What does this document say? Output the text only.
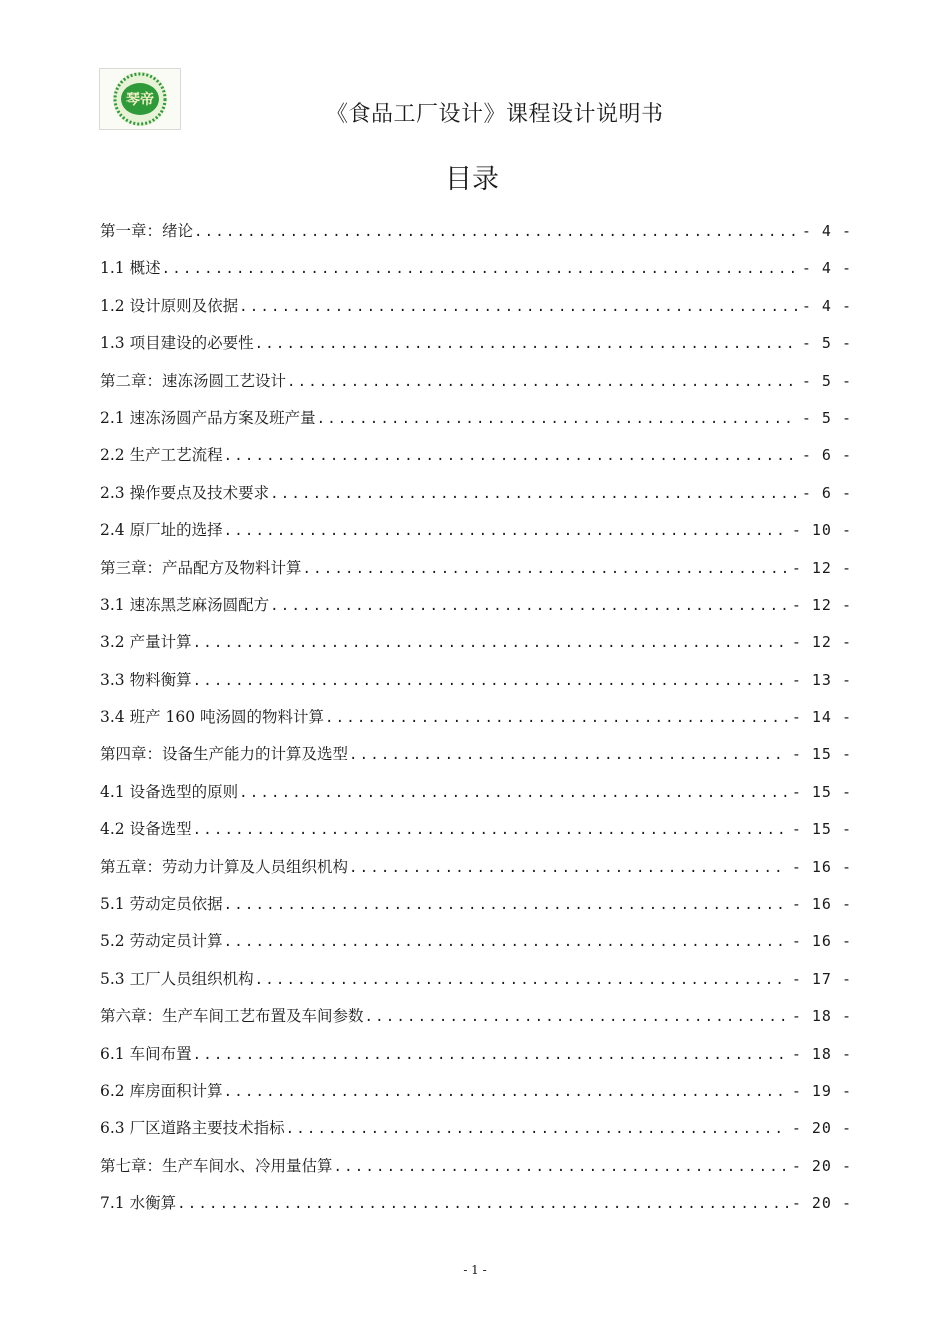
琴帝
《食品工厂设计》课程设计说明书
目录
第一章：绪论 .....	- 4 -
1.1 概述 .....	- 4 -
1.2 设计原则及依据 .....	- 4 -
1.3 项目建设的必要性 .....	- 5 -
第二章：速冻汤圆工艺设计 .....	- 5 -
2.1 速冻汤圆产品方案及班产量 .....	- 5 -
2.2 生产工艺流程 .....	- 6 -
2.3 操作要点及技术要求 .....	- 6 -
2.4 原厂址的选择 .....	- 10 -
第三章：产品配方及物料计算 .....	- 12 -
3.1 速冻黑芝麻汤圆配方 .....	- 12 -
3.2 产量计算 .....	- 12 -
3.3 物料衡算 .....	- 13 -
3.4 班产 160 吨汤圆的物料计算 .....	- 14 -
第四章：设备生产能力的计算及选型 .....	- 15 -
4.1 设备选型的原则 .....	- 15 -
4.2 设备选型 .....	- 15 -
第五章：劳动力计算及人员组织机构 .....	- 16 -
5.1 劳动定员依据 .....	- 16 -
5.2 劳动定员计算 .....	- 16 -
5.3 工厂人员组织机构 .....	- 17 -
第六章：生产车间工艺布置及车间参数 .....	- 18 -
6.1 车间布置 .....	- 18 -
6.2 库房面积计算 .....	- 19 -
6.3 厂区道路主要技术指标 .....	- 20 -
第七章：生产车间水、冷用量估算 .....	- 20 -
7.1 水衡算 .....	- 20 -
- 1 -
